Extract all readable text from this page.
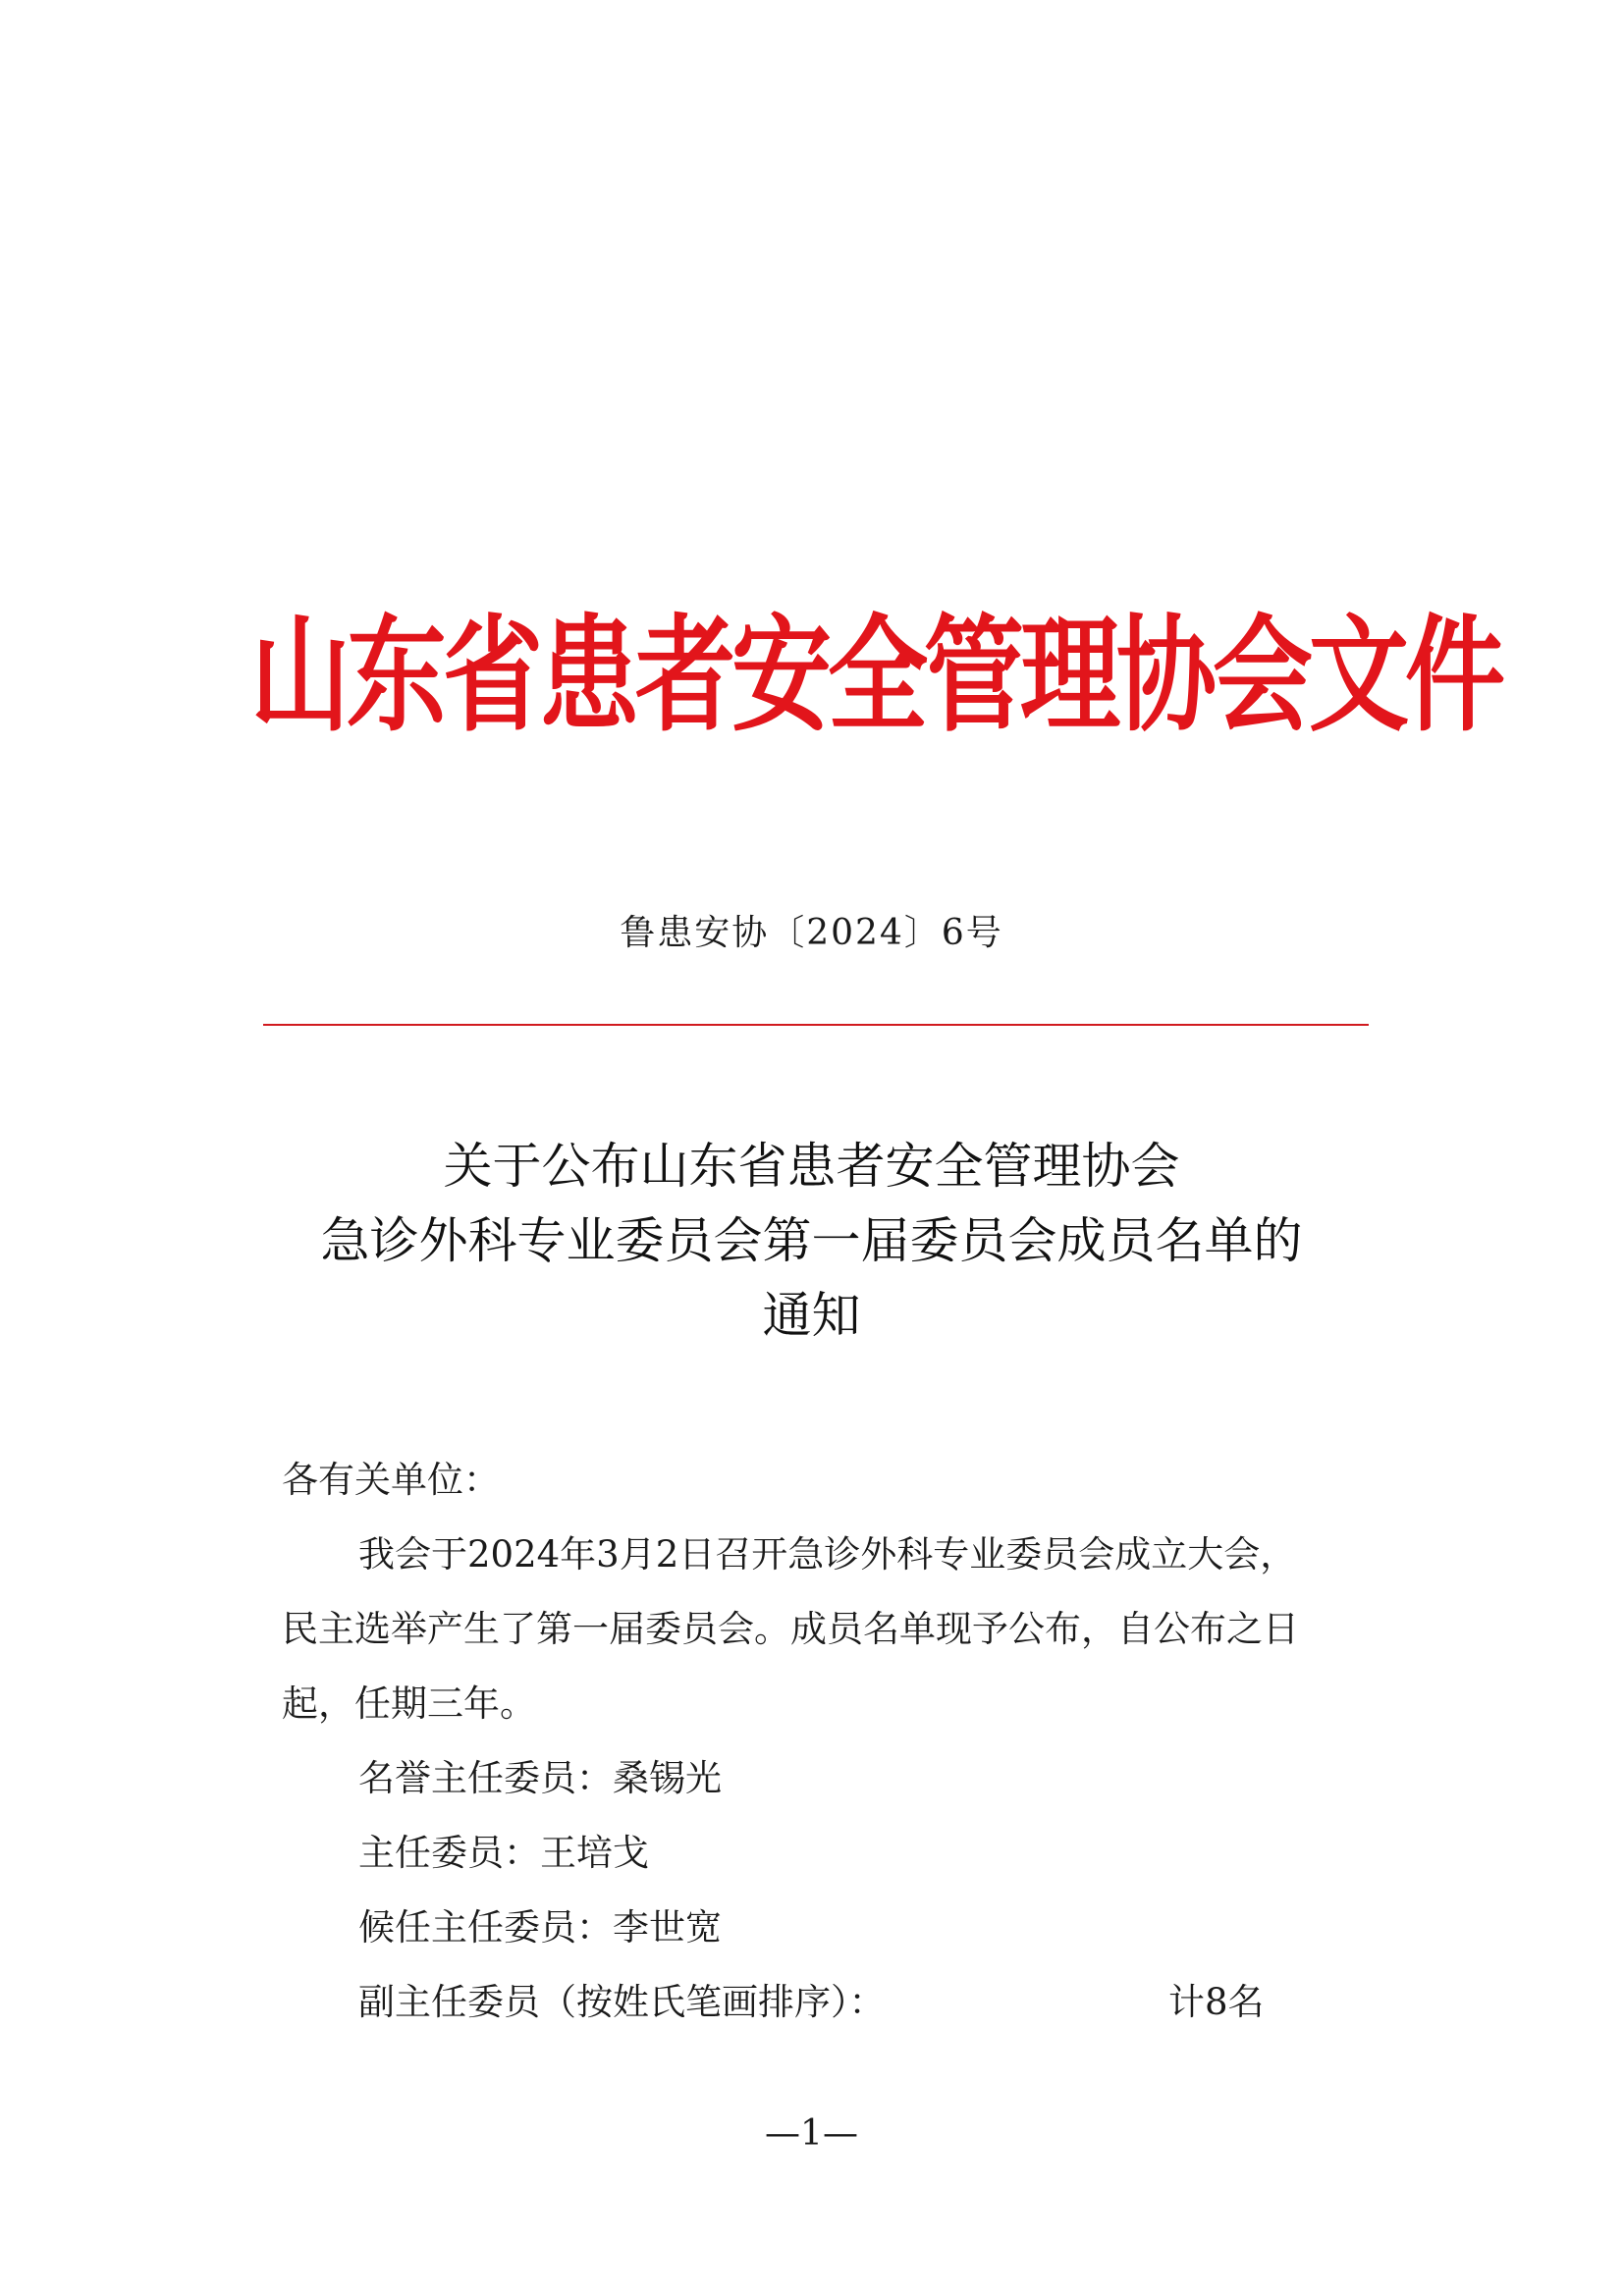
山东省患者安全管理协会文件
鲁患安协〔2024〕6号
关于公布山东省患者安全管理协会
急诊外科专业委员会第一届委员会成员名单的
通知
各有关单位：
我会于2024年3月2日召开急诊外科专业委员会成立大会，
民主选举产生了第一届委员会。成员名单现予公布，自公布之日
起，任期三年。
名誉主任委员：桑锡光
主任委员：王培戈
候任主任委员：李世宽
副主任委员（按姓氏笔画排序）：	计8名
—1—
